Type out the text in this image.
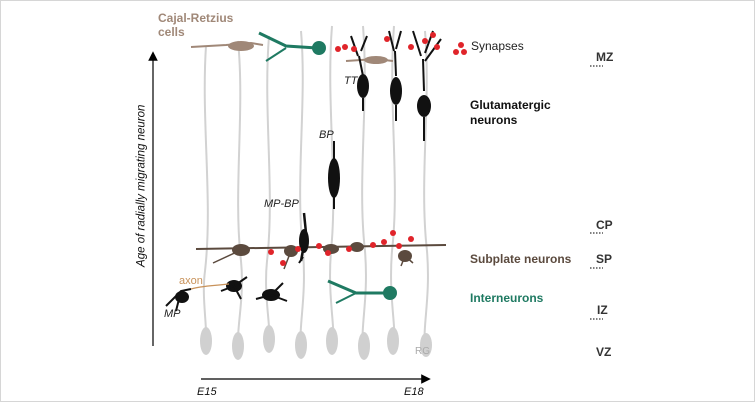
Cajal-Retzius
cells
Synapses
Glutamatergic
neurons
Subplate neurons
Interneurons
axon
Age of radially migrating neuron
TT
BP
MP-BP
MP
RG
MZ
CP
SP
IZ
VZ
E15	E18
